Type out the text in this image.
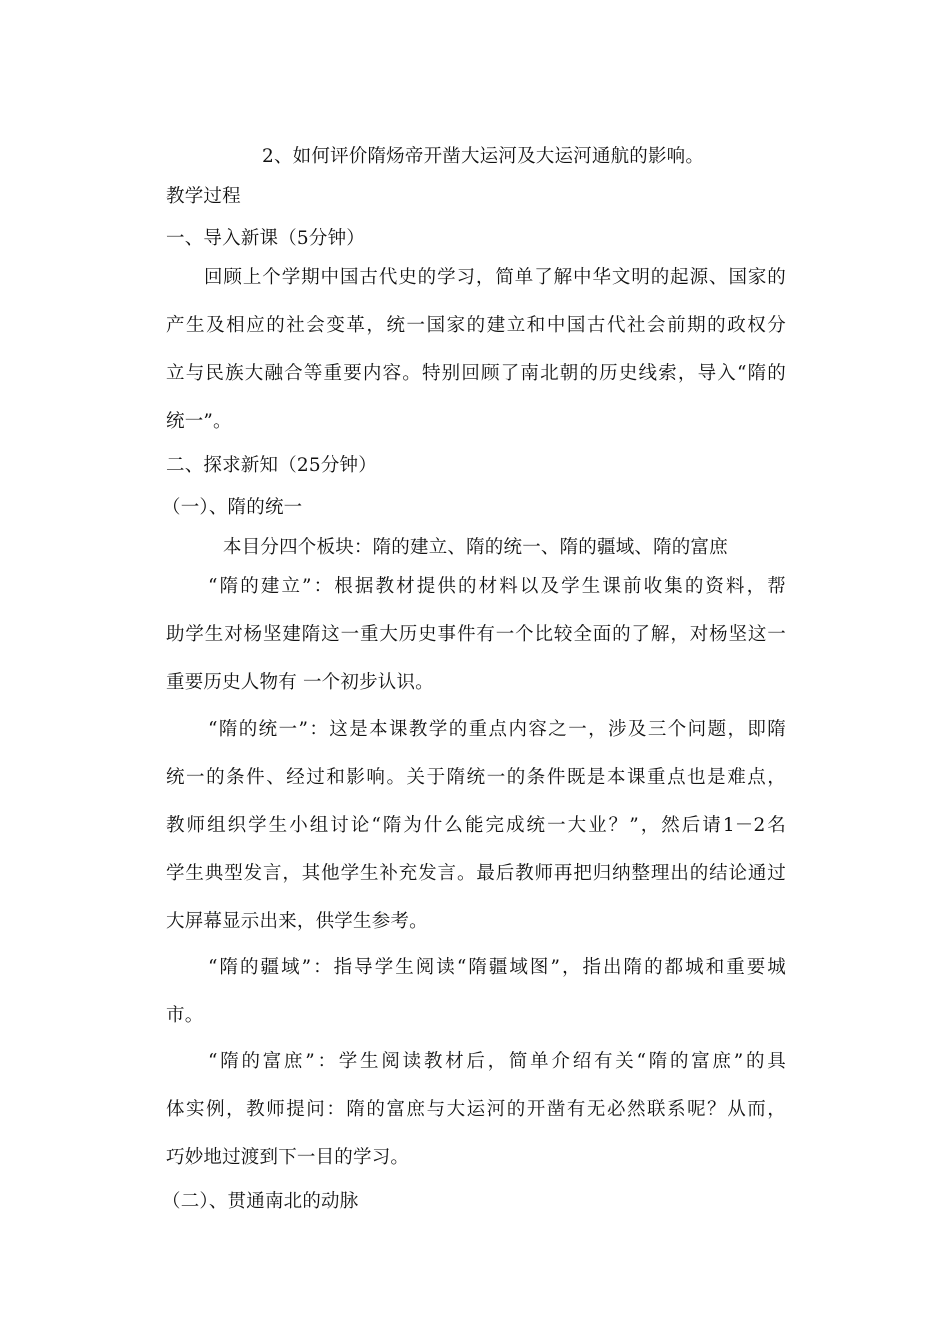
2、如何评价隋炀帝开凿大运河及大运河通航的影响。
教学过程
一、导入新课（5分钟）
回顾上个学期中国古代史的学习，简单了解中华文明的起源、国家的
产生及相应的社会变革，统一国家的建立和中国古代社会前期的政权分
立与民族大融合等重要内容。特别回顾了南北朝的历史线索，导入“隋的
统一”。
二、探求新知（25分钟）
（一）、隋的统一
本目分四个板块：隋的建立、隋的统一、隋的疆域、隋的富庶
“隋的建立”：根据教材提供的材料以及学生课前收集的资料，帮
助学生对杨坚建隋这一重大历史事件有一个比较全面的了解，对杨坚这一
重要历史人物有 一个初步认识。
“隋的统一”：这是本课教学的重点内容之一，涉及三个问题，即隋
统一的条件、经过和影响。关于隋统一的条件既是本课重点也是难点，
教师组织学生小组讨论“隋为什么能完成统一大业？”，然后请1－2名
学生典型发言，其他学生补充发言。最后教师再把归纳整理出的结论通过
大屏幕显示出来，供学生参考。
“隋的疆域”：指导学生阅读“隋疆域图”，指出隋的都城和重要城
市。
“隋的富庶”：学生阅读教材后，简单介绍有关“隋的富庶”的具
体实例，教师提问：隋的富庶与大运河的开凿有无必然联系呢？从而，
巧妙地过渡到下一目的学习。
（二）、贯通南北的动脉
